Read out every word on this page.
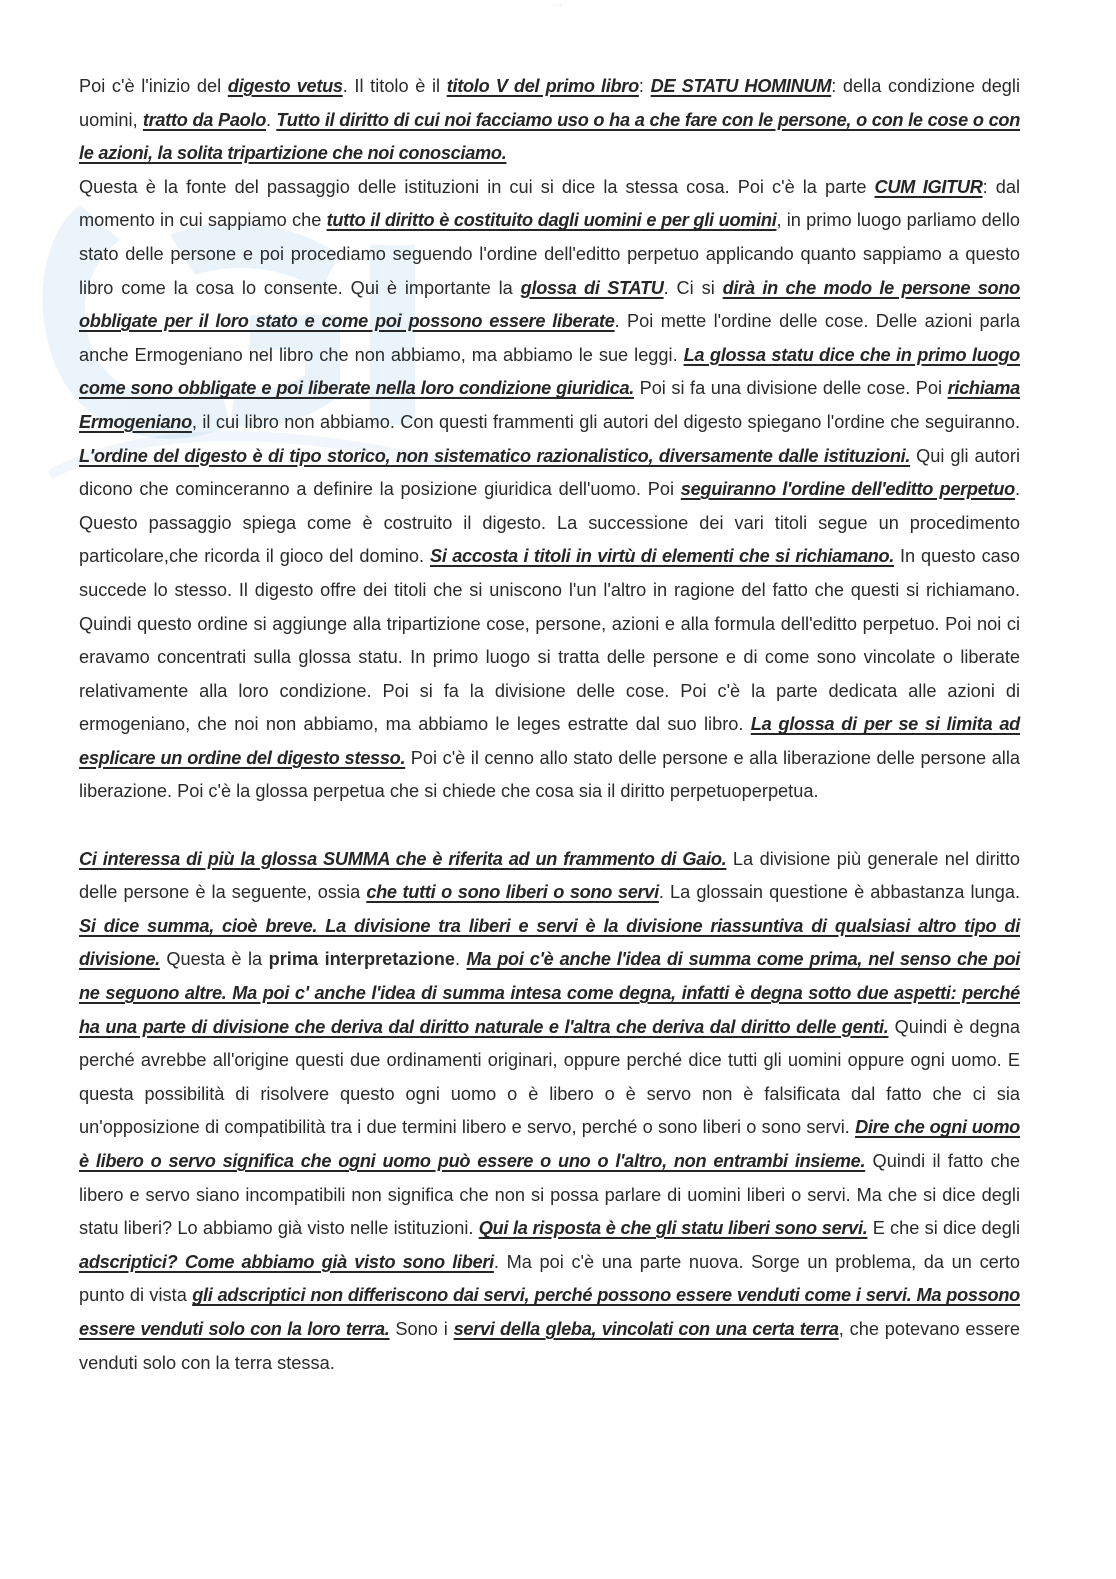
···

Poi c'è l'inizio del digesto vetus. Il titolo è il titolo V del primo libro: DE STATU HOMINUM: della condizione degli uomini, tratto da Paolo. Tutto il diritto di cui noi facciamo uso o ha a che fare con le persone, o con le cose o con le azioni, la solita tripartizione che noi conosciamo.

Questa è la fonte del passaggio delle istituzioni in cui si dice la stessa cosa. Poi c'è la parte CUM IGITUR: dal momento in cui sappiamo che tutto il diritto è costituito dagli uomini e per gli uomini, in primo luogo parliamo dello stato delle persone e poi procediamo seguendo l'ordine dell'editto perpetuo applicando quanto sappiamo a questo libro come la cosa lo consente. Qui è importante la glossa di STATU. Ci si dirà in che modo le persone sono obbligate per il loro stato e come poi possono essere liberate. Poi mette l'ordine delle cose. Delle azioni parla anche Ermogeniano nel libro che non abbiamo, ma abbiamo le sue leggi. La glossa statu dice che in primo luogo come sono obbligate e poi liberate nella loro condizione giuridica. Poi si fa una divisione delle cose. Poi richiama Ermogeniano, il cui libro non abbiamo. Con questi frammenti gli autori del digesto spiegano l'ordine che seguiranno. L'ordine del digesto è di tipo storico, non sistematico razionalistico, diversamente dalle istituzioni. Qui gli autori dicono che cominceranno a definire la posizione giuridica dell'uomo. Poi seguiranno l'ordine dell'editto perpetuo. Questo passaggio spiega come è costruito il digesto. La successione dei vari titoli segue un procedimento particolare,che ricorda il gioco del domino. Si accosta i titoli in virtù di elementi che si richiamano. In questo caso succede lo stesso. Il digesto offre dei titoli che si uniscono l'un l'altro in ragione del fatto che questi si richiamano. Quindi questo ordine si aggiunge alla tripartizione cose, persone, azioni e alla formula dell'editto perpetuo. Poi noi ci eravamo concentrati sulla glossa statu. In primo luogo si tratta delle persone e di come sono vincolate o liberate relativamente alla loro condizione. Poi si fa la divisione delle cose. Poi c'è la parte dedicata alle azioni di ermogeniano, che noi non abbiamo, ma abbiamo le leges estratte dal suo libro. La glossa di per se si limita ad esplicare un ordine del digesto stesso. Poi c'è il cenno allo stato delle persone e alla liberazione delle persone alla liberazione. Poi c'è la glossa perpetua che si chiede che cosa sia il diritto perpetuoperpetua.

Ci interessa di più la glossa SUMMA che è riferita ad un frammento di Gaio. La divisione più generale nel diritto delle persone è la seguente, ossia che tutti o sono liberi o sono servi. La glossain questione è abbastanza lunga. Si dice summa, cioè breve. La divisione tra liberi e servi è la divisione riassuntiva di qualsiasi altro tipo di divisione. Questa è la prima interpretazione. Ma poi c'è anche l'idea di summa come prima, nel senso che poi ne seguono altre. Ma poi c' anche l'idea di summa intesa come degna, infatti è degna sotto due aspetti: perché ha una parte di divisione che deriva dal diritto naturale e l'altra che deriva dal diritto delle genti. Quindi è degna perché avrebbe all'origine questi due ordinamenti originari, oppure perché dice tutti gli uomini oppure ogni uomo. E questa possibilità di risolvere questo ogni uomo o è libero o è servo non è falsificata dal fatto che ci sia un'opposizione di compatibilità tra i due termini libero e servo, perché o sono liberi o sono servi. Dire che ogni uomo è libero o servo significa che ogni uomo può essere o uno o l'altro, non entrambi insieme. Quindi il fatto che libero e servo siano incompatibili non significa che non si possa parlare di uomini liberi o servi. Ma che si dice degli statu liberi? Lo abbiamo già visto nelle istituzioni. Qui la risposta è che gli statu liberi sono servi. E che si dice degli adscriptici? Come abbiamo già visto sono liberi. Ma poi c'è una parte nuova. Sorge un problema, da un certo punto di vista gli adscriptici non differiscono dai servi, perché possono essere venduti come i servi. Ma possono essere venduti solo con la loro terra. Sono i servi della gleba, vincolati con una certa terra, che potevano essere venduti solo con la terra stessa.
